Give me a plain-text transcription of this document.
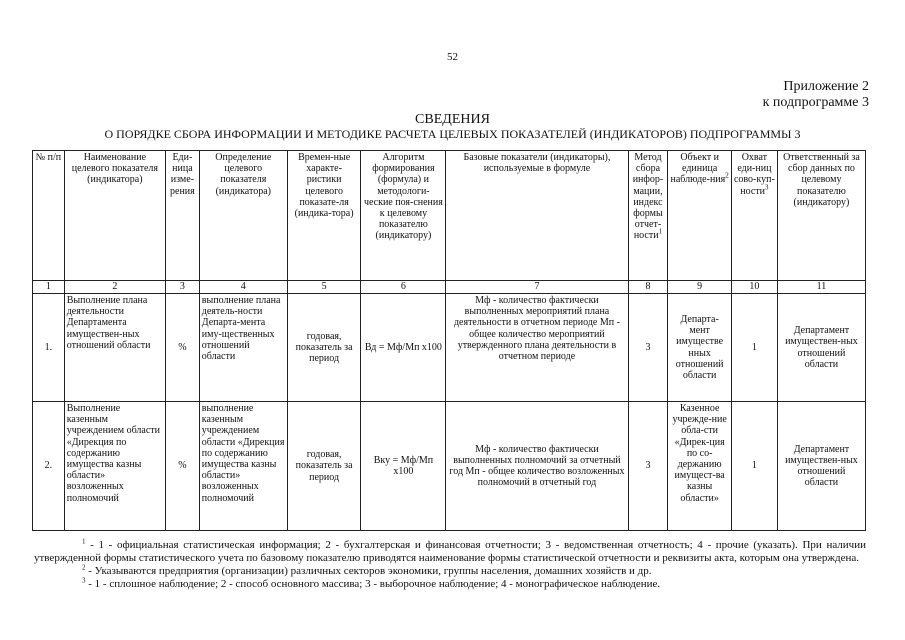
52
Приложение 2
к подпрограмме 3
СВЕДЕНИЯ
О ПОРЯДКЕ СБОРА ИНФОРМАЦИИ И МЕТОДИКЕ РАСЧЕТА ЦЕЛЕВЫХ ПОКАЗАТЕЛЕЙ (ИНДИКАТОРОВ) ПОДПРОГРАММЫ 3
№ п/п	Наименование целевого показателя (индикатора)	Еди-ница изме-рения	Определение целевого показателя (индикатора)	Времен-ные характе-ристики целевого показате-ля (индика-тора)	Алгоритм формирования (формула) и методологи-ческие поя-снения к целевому показателю (индикатору)	Базовые показатели (индикаторы), используемые в формуле	Метод сбора инфор-мации, индекс формы отчет-ности$^1$	Объект и единица наблюде-ния$^2$	Охват еди-ниц сово-куп-ности$^3$	Ответственный за сбор данных по целевому показателю (индикатору)
1	2	3	4	5	6	7	8	9	10	11
1.	Выполнение плана деятельности Департамента имуществен-ных отношений области	%	выполнение плана деятель-ности Департа-мента иму-щественных отношений области	годовая, показатель за период	Вд = Мф/Мп х100	Мф - количество фактически выполненных мероприятий плана деятельности в отчетном периоде Мп - общее количество мероприятий утвержденного плана деятельности в отчетном периоде	3	Департа-мент имуществе нных отношений области	1	Департамент имуществен-ных отношений области
2.	Выполнение казенным учреждением области «Дирекция по содержанию имущества казны области» возложенных полномочий	%	выполнение казенным учреждением области «Дирекция по содержанию имущества казны области» возложенных полномочий	годовая, показатель за период	Вку = Мф/Мп х100	Мф - количество фактически выполненных полномочий за отчетный год Мп - общее количество возложенных полномочий в отчетный год	3	Казенное учрежде-ние обла-сти «Дирек-ция по со-держанию имущест-ва казны области»	1	Департамент имуществен-ных отношений области

$^1$ - 1 - официальная статистическая информация; 2 - бухгалтерская и финансовая отчетности; 3 - ведомственная отчетность; 4 - прочие (указать). При наличии утвержденной формы статистического учета по базовому показателю приводятся наименование формы статистической отчетности и реквизиты акта, которым она утверждена.

$^2$ - Указываются предприятия (организации) различных секторов экономики, группы населения, домашних хозяйств и др.

$^3$ - 1 - сплошное наблюдение; 2 - способ основного массива; 3 - выборочное наблюдение; 4 - монографическое наблюдение.
